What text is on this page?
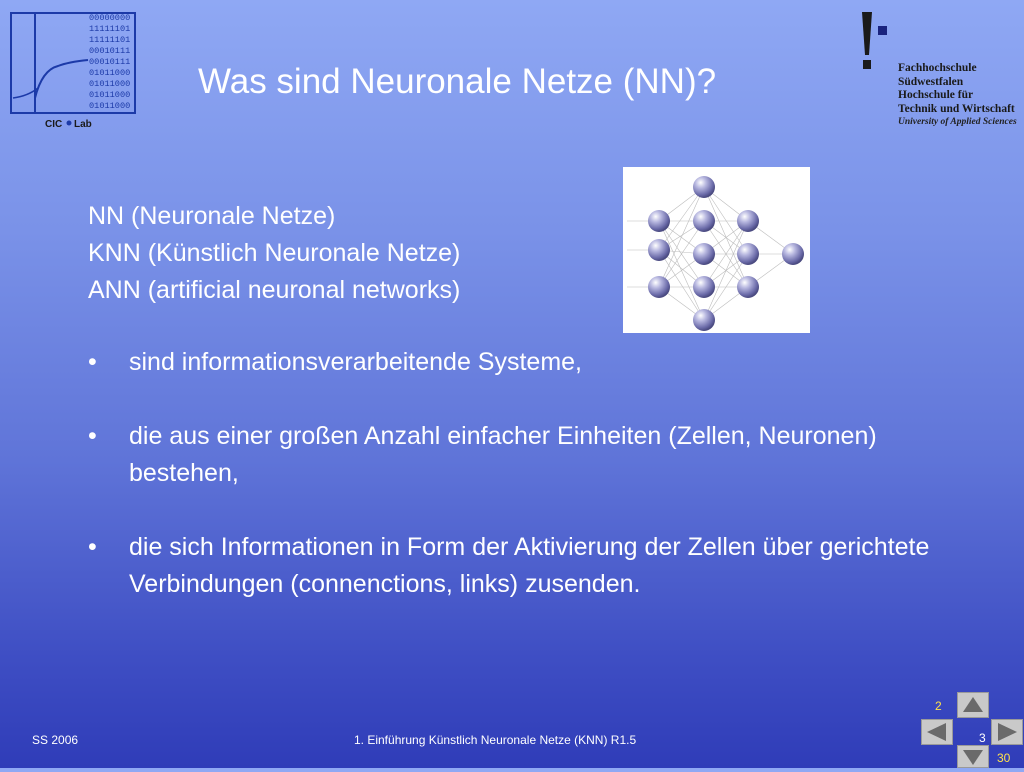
00000000
11111101
11111101
00010111
00010111
01011000
01011000
01011000
01011000
CIC Lab
Fachhochschule
Südwestfalen
Hochschule für
Technik und Wirtschaft
University of Applied Sciences
Was sind Neuronale Netze (NN)?
NN (Neuronale Netze)
KNN (Künstlich Neuronale Netze)
ANN (artificial neuronal networks)
• sind informationsverarbeitende Systeme,
• die aus einer großen Anzahl einfacher Einheiten (Zellen, Neuronen) bestehen,
• die sich Informationen in Form der Aktivierung der Zellen über gerichtete Verbindungen (connenctions, links) zusenden.
SS 2006	1. Einführung Künstlich Neuronale Netze (KNN) R1.5
2
3
30
